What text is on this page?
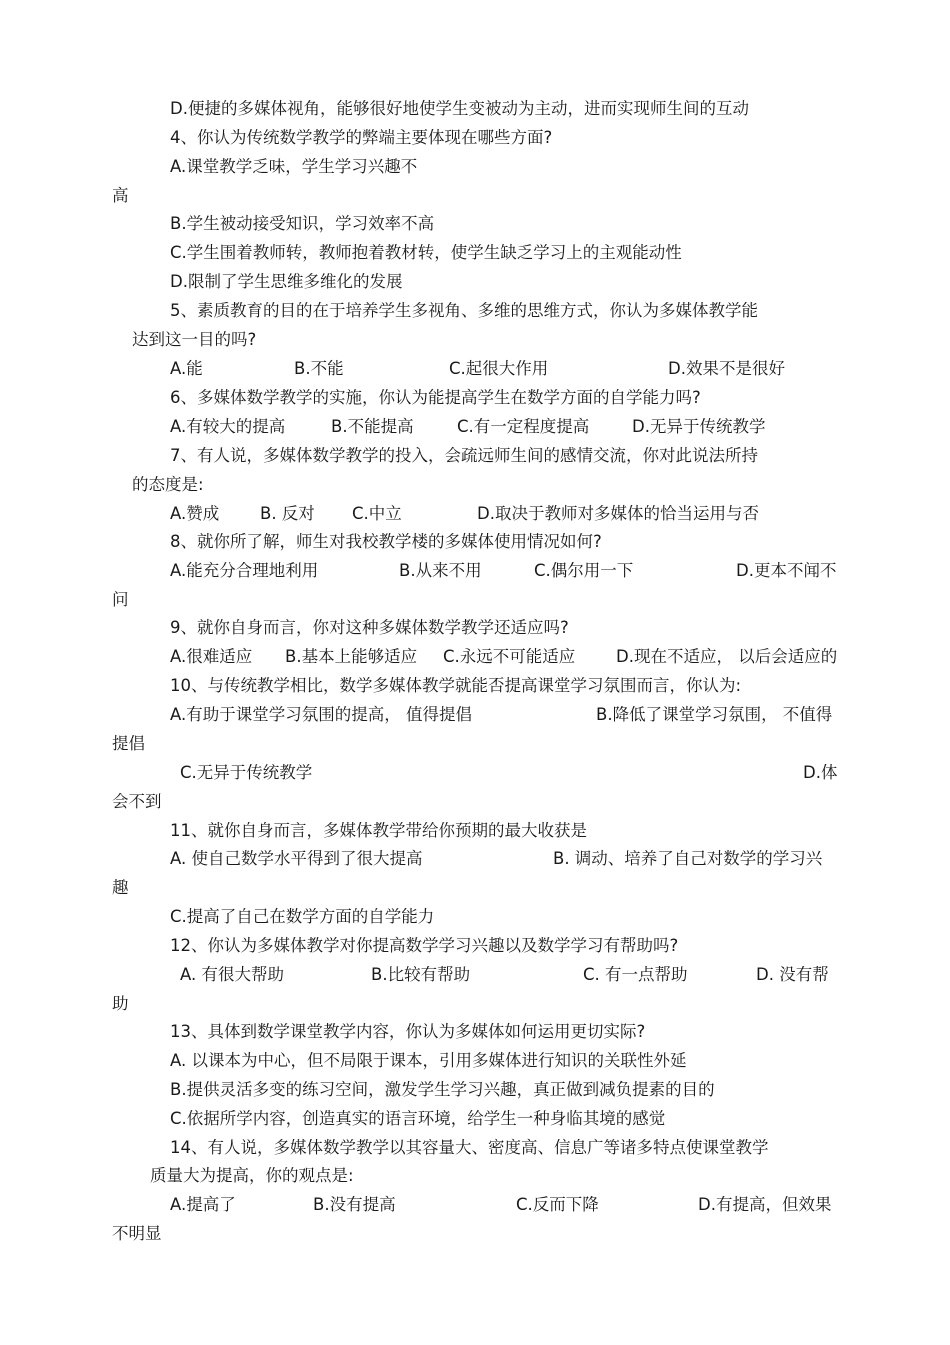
D.便捷的多媒体视角，能够很好地使学生变被动为主动，进而实现师生间的互动

4、你认为传统数学教学的弊端主要体现在哪些方面?

A.课堂教学乏味，学生学习兴趣不

高

B.学生被动接受知识，学习效率不高

C.学生围着教师转，教师抱着教材转，使学生缺乏学习上的主观能动性

D.限制了学生思维多维化的发展

5、素质教育的目的在于培养学生多视角、多维的思维方式，你认为多媒体教学能

达到这一目的吗?

A.能	B.不能	C.起很大作用	D.效果不是很好

6、多媒体数学教学的实施，你认为能提高学生在数学方面的自学能力吗?

A.有较大的提高	B.不能提高	C.有一定程度提高	D.无异于传统教学

7、有人说，多媒体数学教学的投入，会疏远师生间的感情交流，你对此说法所持

的态度是:

A.赞成 B. 反对 C.中立	D.取决于教师对多媒体的恰当运用与否

8、就你所了解，师生对我校教学楼的多媒体使用情况如何?

A.能充分合理地利用	B.从来不用	C.偶尔用一下	D.更本不闻不

问

9、就你自身而言，你对这种多媒体数学教学还适应吗?

A.很难适应 B.基本上能够适应 C.永远不可能适应 D.现在不适应， 以后会适应的

10、与传统教学相比，数学多媒体教学就能否提高课堂学习氛围而言，你认为:

A.有助于课堂学习氛围的提高， 值得提倡	B.降低了课堂学习氛围， 不值得

提倡

C.无异于传统教学	D.体

会不到

11、就你自身而言，多媒体教学带给你预期的最大收获是

A. 使自己数学水平得到了很大提高	B. 调动、培养了自己对数学的学习兴

趣

C.提高了自己在数学方面的自学能力

12、你认为多媒体教学对你提高数学学习兴趣以及数学学习有帮助吗?

A. 有很大帮助	B.比较有帮助	C. 有一点帮助	D. 没有帮

助

13、具体到数学课堂教学内容，你认为多媒体如何运用更切实际?

A. 以课本为中心，但不局限于课本，引用多媒体进行知识的关联性外延

B.提供灵活多变的练习空间，激发学生学习兴趣，真正做到减负提素的目的

C.依据所学内容，创造真实的语言环境，给学生一种身临其境的感觉

14、有人说，多媒体数学教学以其容量大、密度高、信息广等诸多特点使课堂教学

质量大为提高，你的观点是:

A.提高了	B.没有提高	C.反而下降	D.有提高，但效果

不明显
